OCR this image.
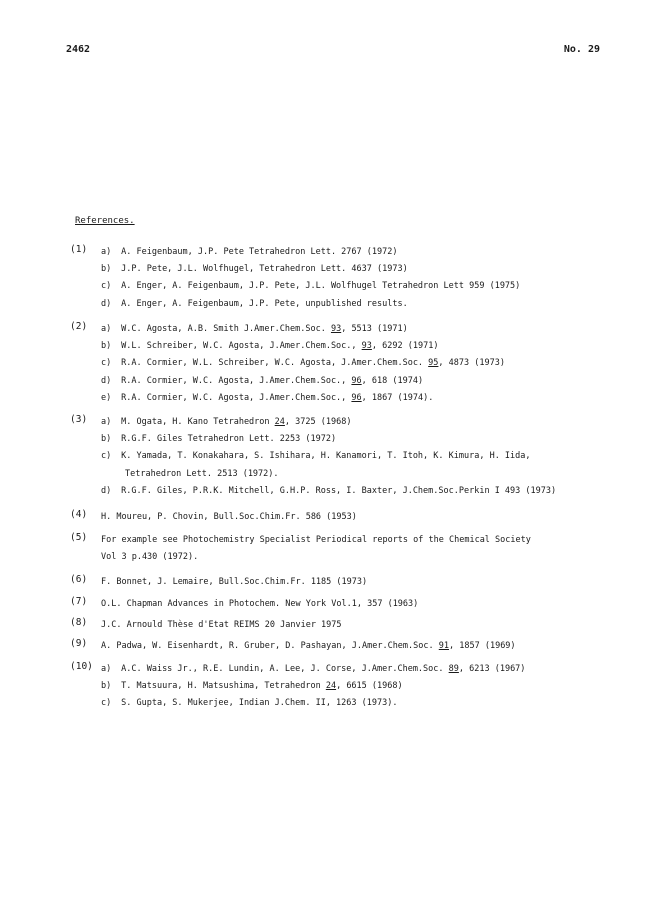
2462	No. 29
References.
(1) a) A. Feigenbaum, J.P. Pete Tetrahedron Lett. 2767 (1972)
b) J.P. Pete, J.L. Wolfhugel, Tetrahedron Lett. 4637 (1973)
c) A. Enger, A. Feigenbaum, J.P. Pete, J.L. Wolfhugel Tetrahedron Lett 959 (1975)
d) A. Enger, A. Feigenbaum, J.P. Pete, unpublished results.
(2) a) W.C. Agosta, A.B. Smith J.Amer.Chem.Soc. 93, 5513 (1971)
b) W.L. Schreiber, W.C. Agosta, J.Amer.Chem.Soc., 93, 6292 (1971)
c) R.A. Cormier, W.L. Schreiber, W.C. Agosta, J.Amer.Chem.Soc. 95, 4873 (1973)
d) R.A. Cormier, W.C. Agosta, J.Amer.Chem.Soc., 96, 618 (1974)
e) R.A. Cormier, W.C. Agosta, J.Amer.Chem.Soc., 96, 1867 (1974).
(3) a) M. Ogata, H. Kano Tetrahedron 24, 3725 (1968)
b) R.G.F. Giles Tetrahedron Lett. 2253 (1972)
c) K. Yamada, T. Konakahara, S. Ishihara, H. Kanamori, T. Itoh, K. Kimura, H. Iida,
Tetrahedron Lett. 2513 (1972).
d) R.G.F. Giles, P.R.K. Mitchell, G.H.P. Ross, I. Baxter, J.Chem.Soc.Perkin I 493 (1973)
(4) H. Moureu, P. Chovin, Bull.Soc.Chim.Fr. 586 (1953)
(5) For example see Photochemistry Specialist Periodical reports of the Chemical Society
Vol 3 p.430 (1972).
(6) F. Bonnet, J. Lemaire, Bull.Soc.Chim.Fr. 1185 (1973)
(7) O.L. Chapman Advances in Photochem. New York Vol.1, 357 (1963)
(8) J.C. Arnould Thèse d'Etat REIMS 20 Janvier 1975
(9) A. Padwa, W. Eisenhardt, R. Gruber, D. Pashayan, J.Amer.Chem.Soc. 91, 1857 (1969)
(10) a) A.C. Waiss Jr., R.E. Lundin, A. Lee, J. Corse, J.Amer.Chem.Soc. 89, 6213 (1967)
b) T. Matsuura, H. Matsushima, Tetrahedron 24, 6615 (1968)
c) S. Gupta, S. Mukerjee, Indian J.Chem. II, 1263 (1973).
